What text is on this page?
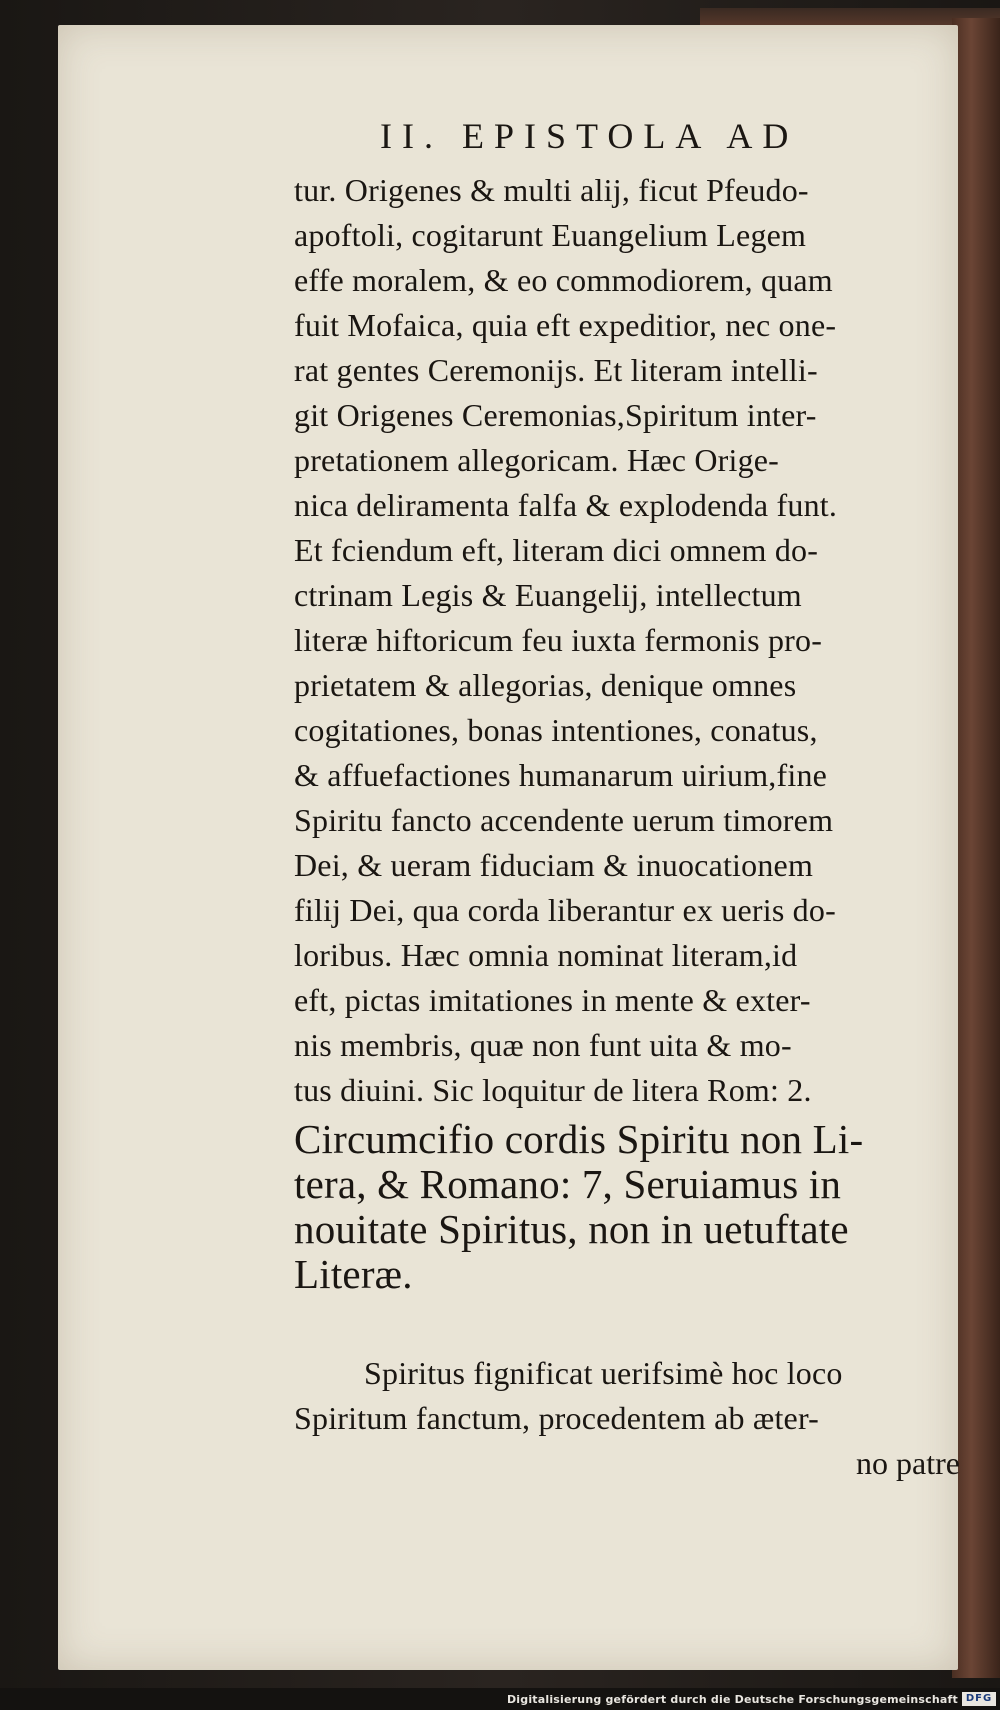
II. EPISTOLA AD
tur. Origenes & multi alij, ficut Pfeudo-
apoftoli, cogitarunt Euangelium Legem
effe moralem, & eo commodiorem, quam
fuit Mofaica, quia eft expeditior, nec one-
rat gentes Ceremonijs. Et literam intelli-
git Origenes Ceremonias,Spiritum inter-
pretationem allegoricam. Hæc Orige-
nica deliramenta falfa & explodenda funt.
Et fciendum eft, literam dici omnem do-
ctrinam Legis & Euangelij, intellectum
literæ hiftoricum feu iuxta fermonis pro-
prietatem & allegorias, denique omnes
cogitationes, bonas intentiones, conatus,
& affuefactiones humanarum uirium,fine
Spiritu fancto accendente uerum timorem
Dei, & ueram fiduciam & inuocationem
filij Dei, qua corda liberantur ex ueris do-
loribus. Hæc omnia nominat literam,id
eft, pictas imitationes in mente & exter-
nis membris, quæ non funt uita & mo-
tus diuini. Sic loquitur de litera Rom: 2.
Circumcifio cordis Spiritu non Li-
tera, & Romano: 7, Seruiamus in
nouitate Spiritus, non in uetuftate
Literæ.
Spiritus fignificat uerifsimè hoc loco
Spiritum fanctum, procedentem ab æter-
no patre
Digitalisierung gefördert durch die Deutsche Forschungsgemeinschaft DFG
